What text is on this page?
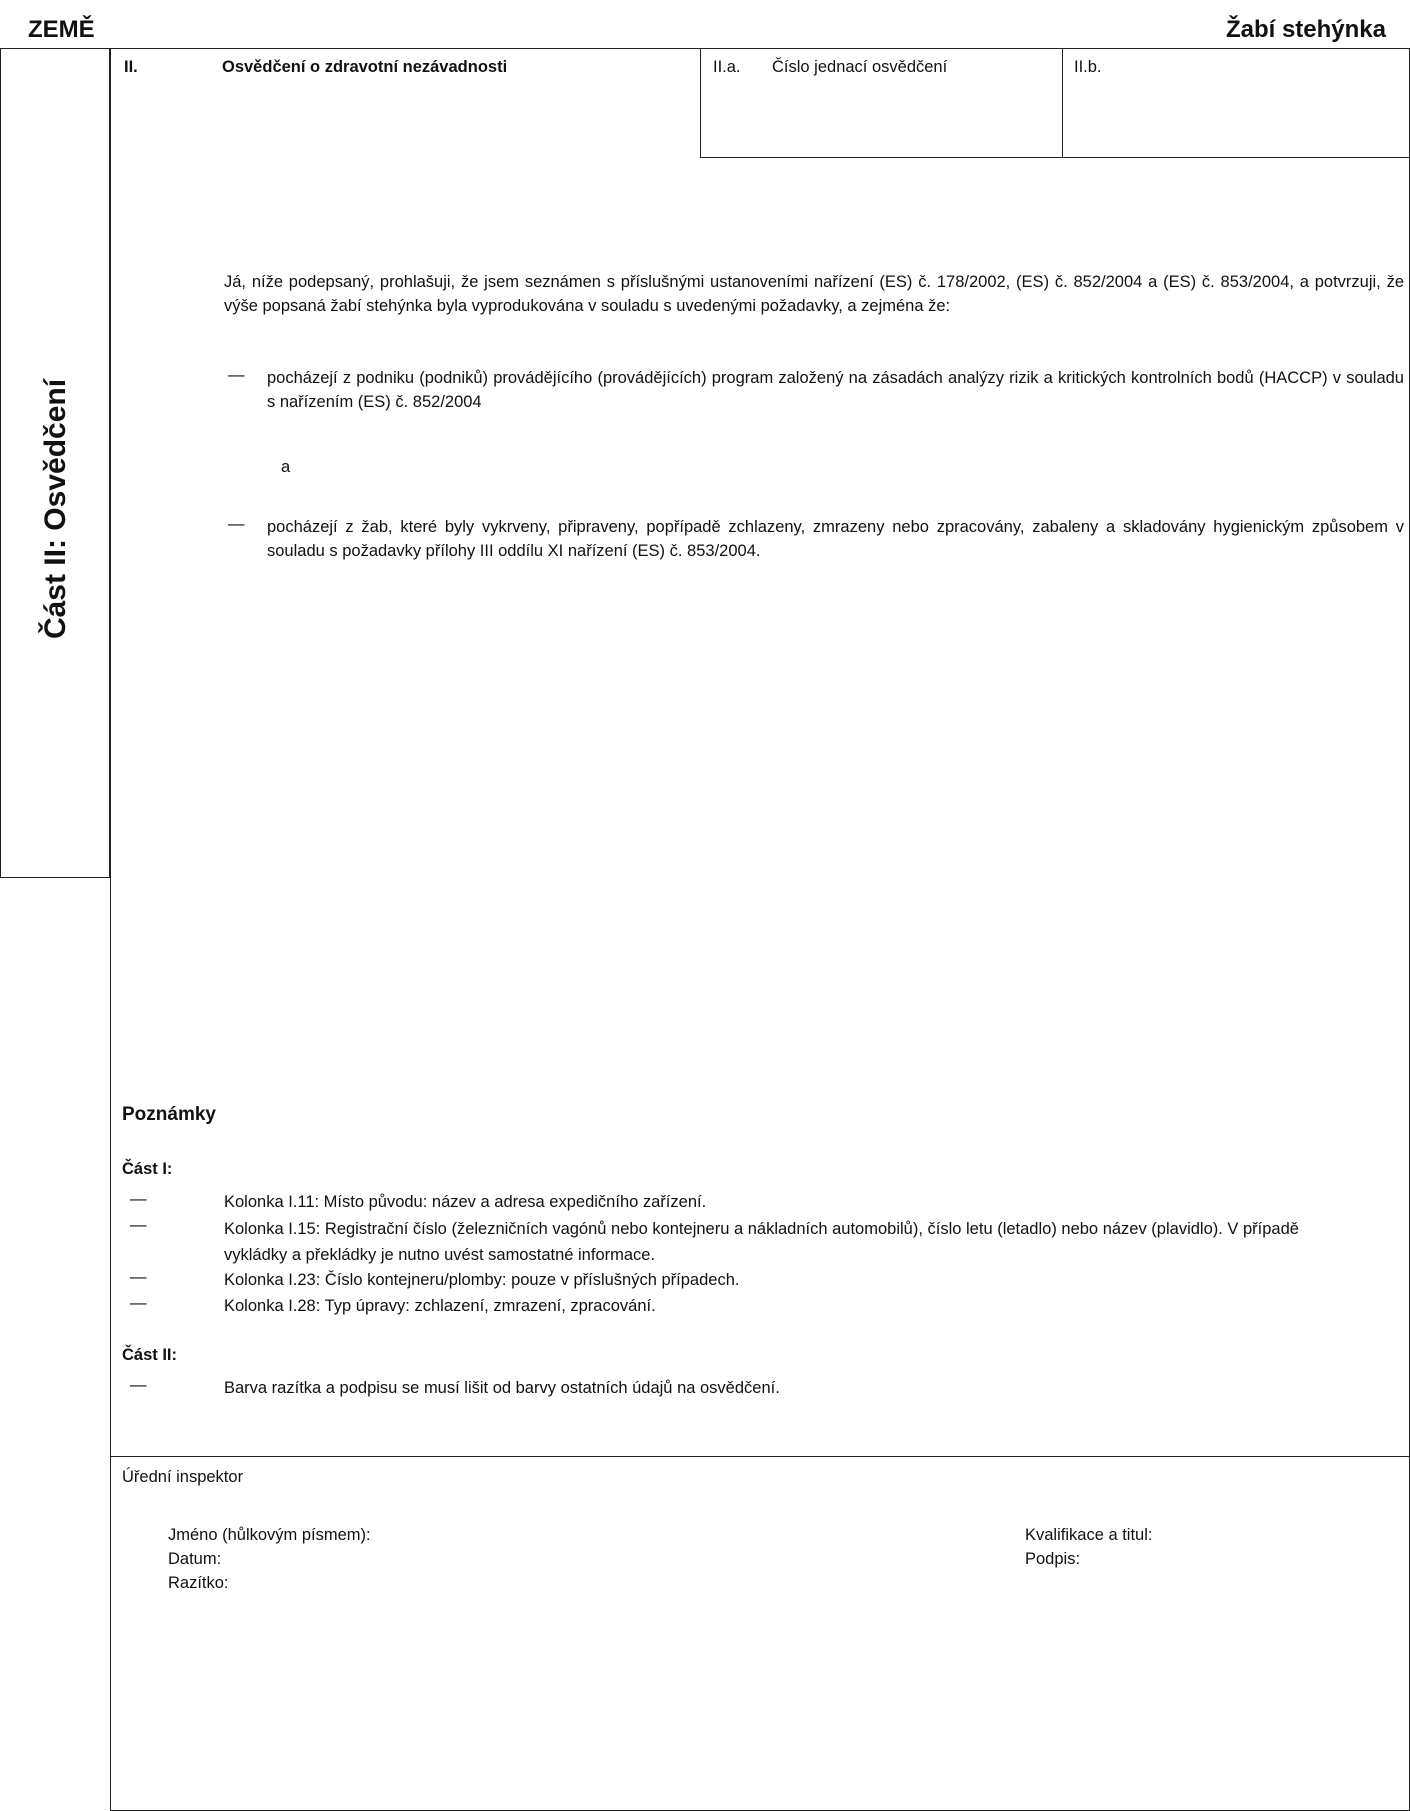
ZEMĚ	Žabí stehýnka
Část II: Osvědčení
II.	Osvědčení o zdravotní nezávadnosti	II.a. Číslo jednací osvědčení	II.b.
Já, níže podepsaný, prohlašuji, že jsem seznámen s příslušnými ustanoveními nařízení (ES) č. 178/2002, (ES) č. 852/2004 a (ES) č. 853/2004, a potvrzuji, že výše popsaná žabí stehýnka byla vyprodukována v souladu s uvedenými požadavky, a zejména že:
— pocházejí z podniku (podniků) provádějícího (provádějících) program založený na zásadách analýzy rizik a kritických kontrolních bodů (HACCP) v souladu s nařízením (ES) č. 852/2004
a
— pocházejí z žab, které byly vykrveny, připraveny, popřípadě zchlazeny, zmrazeny nebo zpracovány, zabaleny a skladovány hygienickým způsobem v souladu s požadavky přílohy III oddílu XI nařízení (ES) č. 853/2004.
Poznámky
Část I:
—	Kolonka I.11: Místo původu: název a adresa expedičního zařízení.
—	Kolonka I.15: Registrační číslo (železničních vagónů nebo kontejneru a nákladních automobilů), číslo letu (letadlo) nebo název (plavidlo). V případě vykládky a překládky je nutno uvést samostatné informace.
—	Kolonka I.23: Číslo kontejneru/plomby: pouze v příslušných případech.
—	Kolonka I.28: Typ úpravy: zchlazení, zmrazení, zpracování.
Část II:
—	Barva razítka a podpisu se musí lišit od barvy ostatních údajů na osvědčení.
Úřední inspektor
Jméno (hůlkovým písmem):
Datum:
Razítko:
Kvalifikace a titul:
Podpis:
